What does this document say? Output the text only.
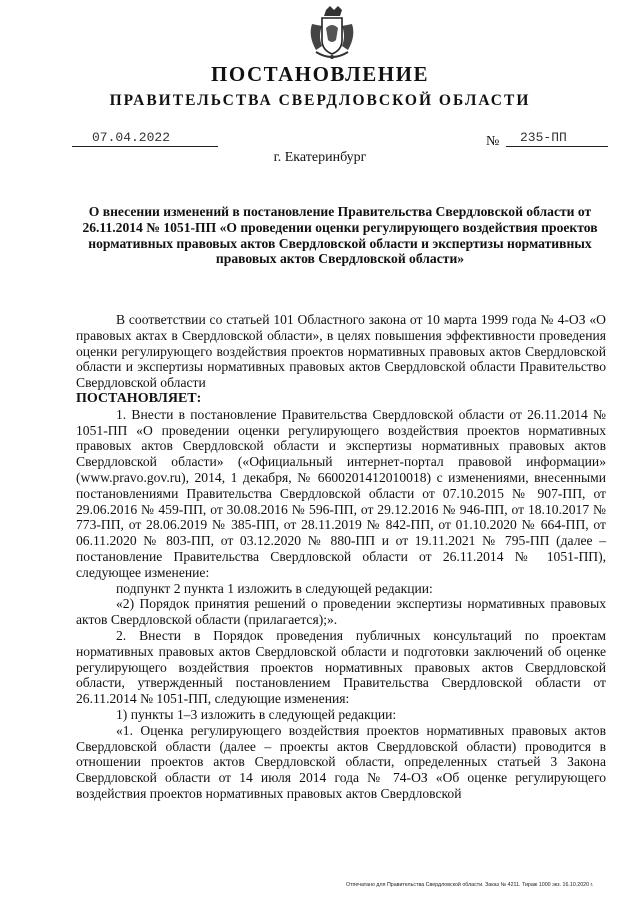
ПОСТАНОВЛЕНИЕ
ПРАВИТЕЛЬСТВА СВЕРДЛОВСКОЙ ОБЛАСТИ
07.04.2022	№	235-ПП
г. Екатеринбург

О внесении изменений в постановление Правительства Свердловской области от 26.11.2014 № 1051-ПП «О проведении оценки регулирующего воздействия проектов нормативных правовых актов Свердловской области и экспертизы нормативных правовых актов Свердловской области»

В соответствии со статьей 101 Областного закона от 10 марта 1999 года № 4-ОЗ «О правовых актах в Свердловской области», в целях повышения эффективности проведения оценки регулирующего воздействия проектов нормативных правовых актов Свердловской области и экспертизы нормативных правовых актов Свердловской области Правительство Свердловской области

ПОСТАНОВЛЯЕТ:

1. Внести в постановление Правительства Свердловской области от 26.11.2014 № 1051-ПП «О проведении оценки регулирующего воздействия проектов нормативных правовых актов Свердловской области и экспертизы нормативных правовых актов Свердловской области» («Официальный интернет-портал правовой информации» (www.pravo.gov.ru), 2014, 1 декабря, № 6600201412010018) с изменениями, внесенными постановлениями Правительства Свердловской области от 07.10.2015 № 907-ПП, от 29.06.2016 № 459-ПП, от 30.08.2016 № 596-ПП, от 29.12.2016 № 946-ПП, от 18.10.2017 № 773-ПП, от 28.06.2019 № 385-ПП, от 28.11.2019 № 842-ПП, от 01.10.2020 № 664-ПП, от 06.11.2020 № 803-ПП, от 03.12.2020 № 880-ПП и от 19.11.2021 № 795-ПП (далее – постановление Правительства Свердловской области от 26.11.2014 № 1051-ПП), следующее изменение:

подпункт 2 пункта 1 изложить в следующей редакции:

«2) Порядок принятия решений о проведении экспертизы нормативных правовых актов Свердловской области (прилагается);».

2. Внести в Порядок проведения публичных консультаций по проектам нормативных правовых актов Свердловской области и подготовки заключений об оценке регулирующего воздействия проектов нормативных правовых актов Свердловской области, утвержденный постановлением Правительства Свердловской области от 26.11.2014 № 1051-ПП, следующие изменения:

1) пункты 1–3 изложить в следующей редакции:

«1. Оценка регулирующего воздействия проектов нормативных правовых актов Свердловской области (далее – проекты актов Свердловской области) проводится в отношении проектов актов Свердловской области, определенных статьей 3 Закона Свердловской области от 14 июля 2014 года № 74-ОЗ «Об оценке регулирующего воздействия проектов нормативных правовых актов Свердловской

Отпечатано для Правительства Свердловской области. Заказ № 4211. Тираж 1000 экз. 16.10.2020 г.
